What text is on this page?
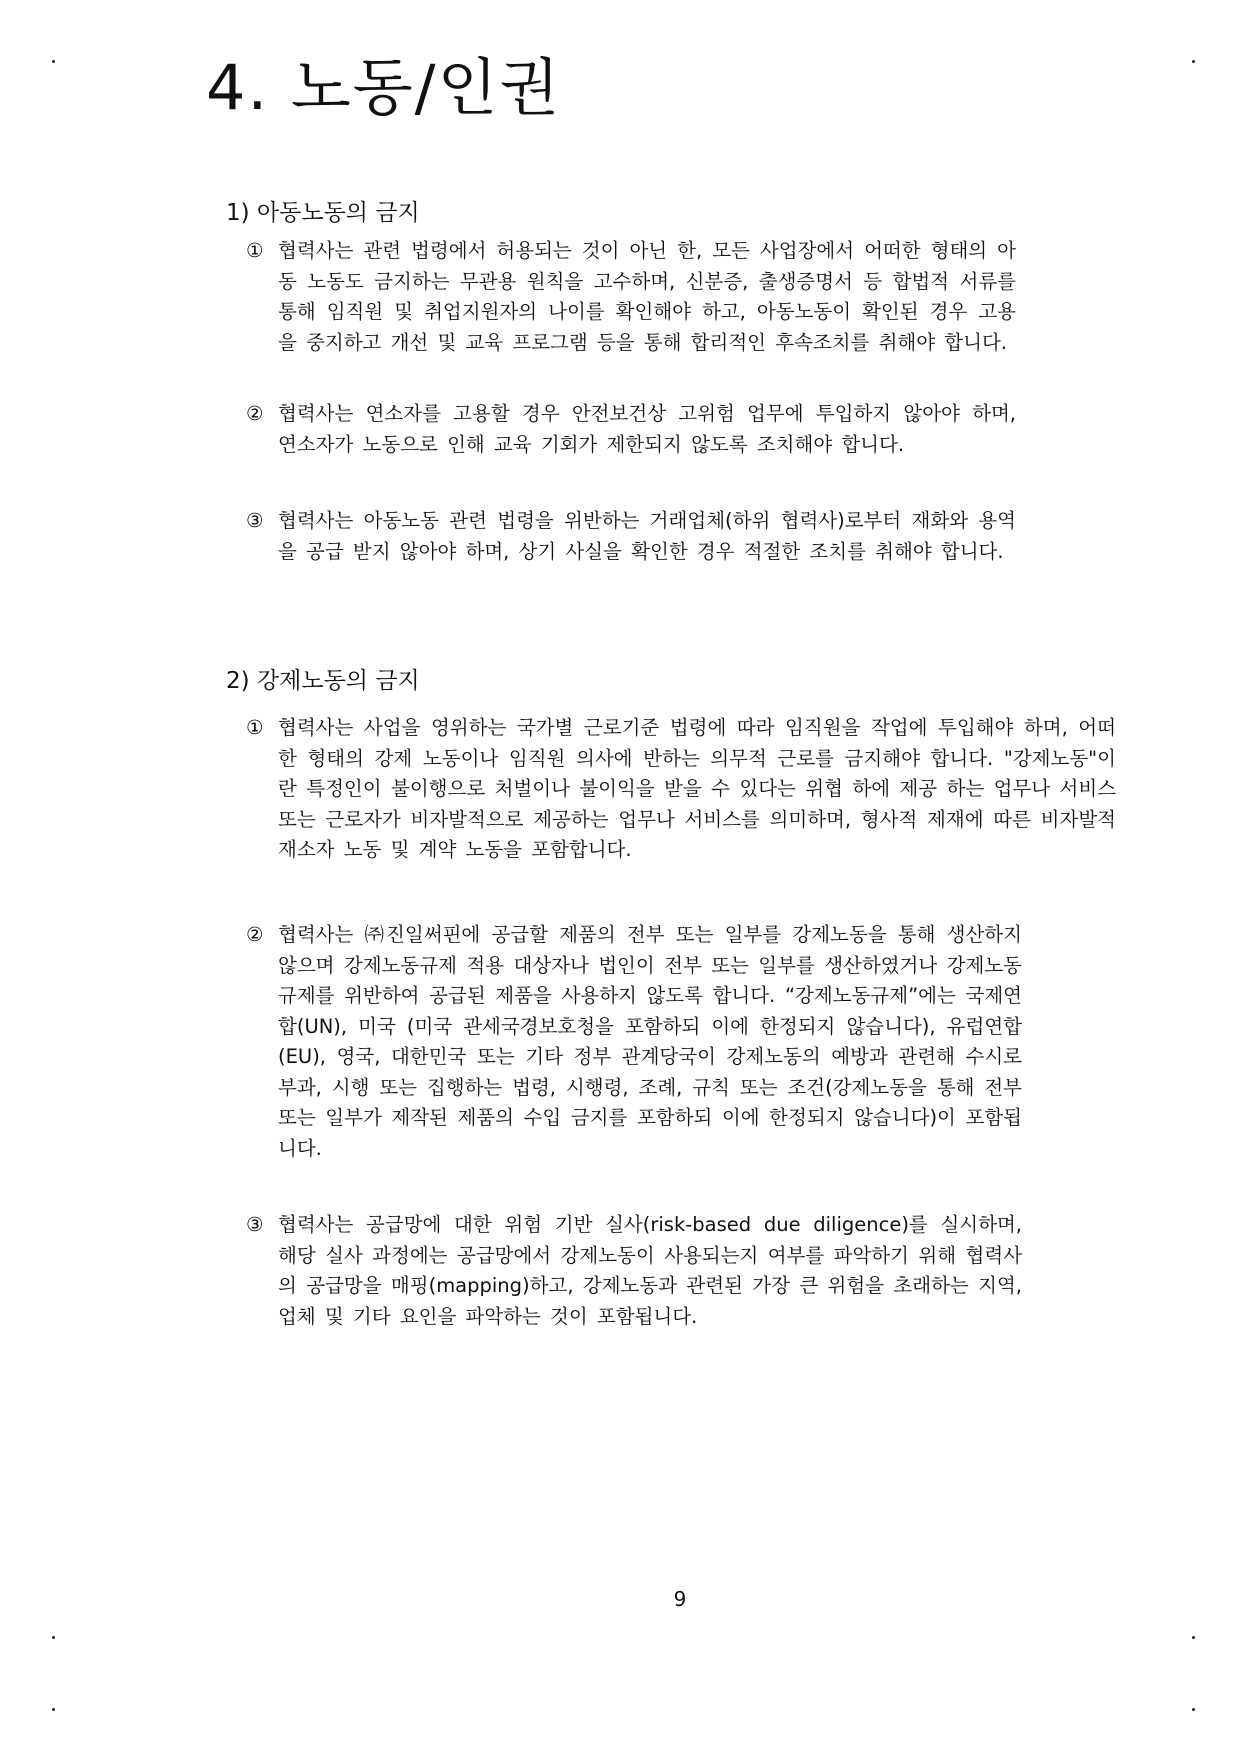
4. 노동/인권
1) 아동노동의 금지
① 협력사는 관련 법령에서 허용되는 것이 아닌 한, 모든 사업장에서 어떠한 형태의 아동 노동도 금지하는 무관용 원칙을 고수하며, 신분증, 출생증명서 등 합법적 서류를 통해 임직원 및 취업지원자의 나이를 확인해야 하고, 아동노동이 확인된 경우 고용을 중지하고 개선 및 교육 프로그램 등을 통해 합리적인 후속조치를 취해야 합니다.
② 협력사는 연소자를 고용할 경우 안전보건상 고위험 업무에 투입하지 않아야 하며, 연소자가 노동으로 인해 교육 기회가 제한되지 않도록 조치해야 합니다.
③ 협력사는 아동노동 관련 법령을 위반하는 거래업체(하위 협력사)로부터 재화와 용역을 공급 받지 않아야 하며, 상기 사실을 확인한 경우 적절한 조치를 취해야 합니다.
2) 강제노동의 금지
① 협력사는 사업을 영위하는 국가별 근로기준 법령에 따라 임직원을 작업에 투입해야 하며, 어떠한 형태의 강제 노동이나 임직원 의사에 반하는 의무적 근로를 금지해야 합니다. "강제노동"이란 특정인이 불이행으로 처벌이나 불이익을 받을 수 있다는 위협 하에 제공 하는 업무나 서비스 또는 근로자가 비자발적으로 제공하는 업무나 서비스를 의미하며, 형사적 제재에 따른 비자발적 재소자 노동 및 계약 노동을 포함합니다.
② 협력사는 ㈜진일써핀에 공급할 제품의 전부 또는 일부를 강제노동을 통해 생산하지 않으며 강제노동규제 적용 대상자나 법인이 전부 또는 일부를 생산하였거나 강제노동규제를 위반하여 공급된 제품을 사용하지 않도록 합니다. “강제노동규제”에는 국제연합(UN), 미국 (미국 관세국경보호청을 포함하되 이에 한정되지 않습니다), 유럽연합(EU), 영국, 대한민국 또는 기타 정부 관계당국이 강제노동의 예방과 관련해 수시로 부과, 시행 또는 집행하는 법령, 시행령, 조례, 규칙 또는 조건(강제노동을 통해 전부 또는 일부가 제작된 제품의 수입 금지를 포함하되 이에 한정되지 않습니다)이 포함됩니다.
③ 협력사는 공급망에 대한 위험 기반 실사(risk-based due diligence)를 실시하며, 해당 실사 과정에는 공급망에서 강제노동이 사용되는지 여부를 파악하기 위해 협력사의 공급망을 매핑(mapping)하고, 강제노동과 관련된 가장 큰 위험을 초래하는 지역, 업체 및 기타 요인을 파악하는 것이 포함됩니다.

9
